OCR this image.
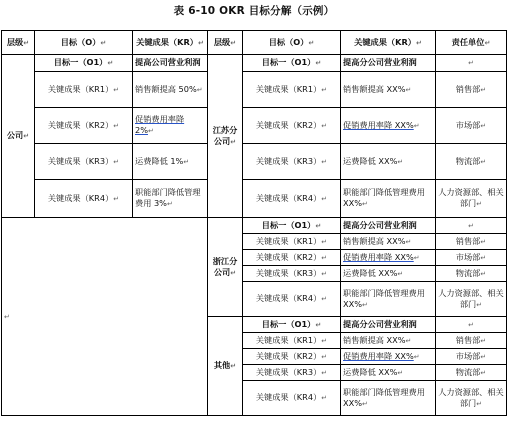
表 6-10 OKR 目标分解（示例）
层级↵	目标（O）↵	关键成果（KR）↵	层级↵	目标（O）↵	关键成果（KR）↵	责任单位↵
公司↵	目标一（O1）↵	提高公司营业利润	江苏分公司↵	目标一（O1）↵	提高分公司营业利润	↵
	关键成果（KR1）↵	销售额提高 50%↵		关键成果（KR1）↵	销售额提高 XX%↵	销售部↵
	关键成果（KR2）↵	促销费用率降 2%↵		关键成果（KR2）↵	促销费用率降 XX%↵	市场部↵
	关键成果（KR3）↵	运费降低 1%↵		关键成果（KR3）↵	运费降低 XX%↵	物流部↵
	关键成果（KR4）↵	职能部门降低管理费用 3%↵		关键成果（KR4）↵	职能部门降低管理费用 XX%↵	人力资源部、相关部门↵
↵			浙江分公司↵	目标一（O1）↵	提高分公司营业利润	↵
				关键成果（KR1）↵	销售额提高 XX%↵	销售部↵
				关键成果（KR2）↵	促销费用率降 XX%↵	市场部↵
				关键成果（KR3）↵	运费降低 XX%↵	物流部↵
				关键成果（KR4）↵	职能部门降低管理费用 XX%↵	人力资源部、相关部门↵
			其他↵	目标一（O1）↵	提高分公司营业利润	↵
				关键成果（KR1）↵	销售额提高 XX%↵	销售部↵
				关键成果（KR2）↵	促销费用率降 XX%↵	市场部↵
				关键成果（KR3）↵	运费降低 XX%↵	物流部↵
				关键成果（KR4）↵	职能部门降低管理费用 XX%↵	人力资源部、相关部门↵
